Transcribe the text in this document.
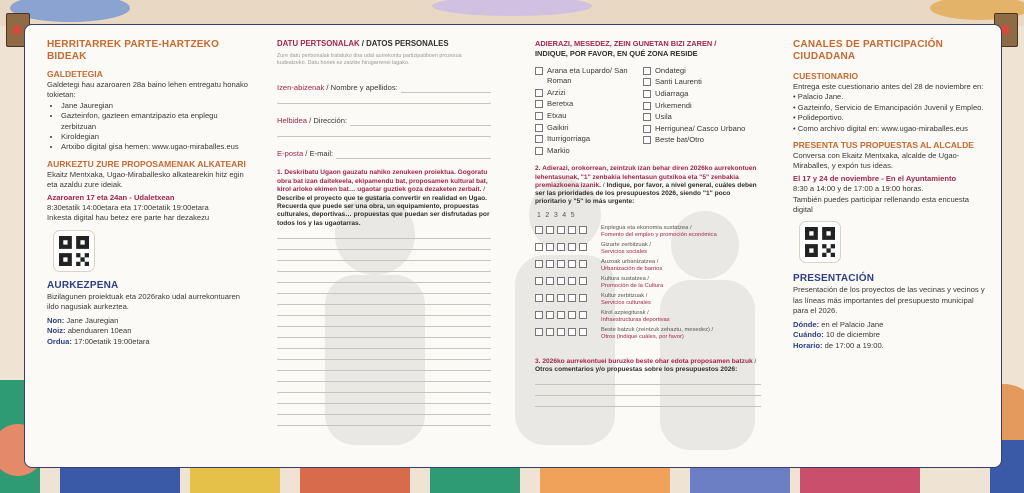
HERRITARREK PARTE-HARTZEKO BIDEAK
GALDETEGIA
Galdetegi hau azaroaren 28a baino lehen entregatu honako tokietan:
• Jane Jauregian
• Gazteinfon, gazteen emantzipazio eta enplegu zerbitzuan
• Kiroldegian
• Artxibo digital gisa hemen: www.ugao-miraballes.eus
AURKEZTU ZURE PROPOSAMENAK ALKATEARI
Ekaitz Mentxaka, Ugao-Miraballesko alkatearekin hitz egin eta azaldu zure ideiak.
Azaroaren 17 eta 24an - Udaletxean
8:30etatik 14:00etara eta 17:00etatik 19:00etara
Inkesta digital hau betez ere parte har dezakezu
AURKEZPENA
Bizilagunen proiektuak eta 2026rako udal aurrekontuaren ildo nagusiak aurkeztea.
Non: Jane Jauregian
Noiz: abenduaren 10ean
Ordua: 17:00etatik 19:00etara
DATU PERTSONALAK / DATOS PERSONALES
Zure datu pertsonalak tratatuko dira udal aurrekontu partizipatiboen prozesua kudeatzeko. Datu horiek ez zaizkie hirugarrenei lagako.
Izen-abizenak / Nombre y apellidos:
Helbidea / Dirección:
E-posta / E-mail:
1. Deskribatu Ugaon gauzatu nahiko zenukeen proiektua. Gogoratu obra bat izan daitekeela, ekipamendu bat, proposamen kultural bat, kirol arloko ekimen bat… ugaotar guztiek goza dezaketen zerbait. / Describe el proyecto que te gustaría convertir en realidad en Ugao. Recuerda que puede ser una obra, un equipamiento, propuestas culturales, deportivas… propuestas que puedan ser disfrutadas por todos los y las ugaotarras.
ADIERAZI, MESEDEZ, ZEIN GUNETAN BIZI ZAREN /
INDIQUE, POR FAVOR, EN QUÉ ZONA RESIDE
Arana eta Lupardo/ San Roman
Arzizi
Beretxa
Etxau
Gaikiri
Iturrigorriaga
Markio
Ondategi
Santi Laurenti
Udiarraga
Urkemendi
Usila
Herrigunea/ Casco Urbano
Beste bat/Otro
2. Adierazi, orokorrean, zeintzuk izan behar diren 2026ko aurrekontuen lehentasunak, "1" zenbakia lehentasun gutxikoa eta "5" zenbakia premiazkoena izanik. / Indique, por favor, a nivel general, cuáles deben ser las prioridades de los presupuestos 2026, siendo "1" poco prioritario y "5" lo más urgente:
1 2 3 4 5
Enplegua eta ekonomia sustatzea /
Fomento del empleo y promoción económica
Gizarte zerbitzuak /
Servicios sociales
Auzoak urbanizatzea /
Urbanización de barrios
Kultura sustatzea /
Promoción de la Cultura
Kultur zerbitzuak /
Servicios culturales
Kirol azpiegiturak /
Infraestructuras deportivas
Beste batzuk (zeintzuk zehaztu, mesedez) /
Otros (indique cuáles, por favor)
3. 2026ko aurrekontuei buruzko beste ohar edota proposamen batzuk / Otros comentarios y/o propuestas sobre los presupuestos 2026:
CANALES DE PARTICIPACIÓN CIUDADANA
CUESTIONARIO
Entrega este cuestionario antes del 28 de noviembre en:
• Palacio Jane.
• Gazteinfo, Servicio de Emancipación Juvenil y Empleo.
• Polideportivo.
• Como archivo digital en: www.ugao-miraballes.eus
PRESENTA TUS PROPUESTAS AL ALCALDE
Conversa con Ekaitz Mentxaka, alcalde de Ugao-Miraballes, y expón tus ideas.
El 17 y 24 de noviembre - En el Ayuntamiento
8:30 a 14:00 y de 17:00 a 19:00 horas.
También puedes participar rellenando esta encuesta digital
PRESENTACIÓN
Presentación de los proyectos de las vecinas y vecinos y las líneas más importantes del presupuesto municipal para el 2026.
Dónde: en el Palacio Jane
Cuándo: 10 de diciembre
Horario: de 17:00 a 19:00.
